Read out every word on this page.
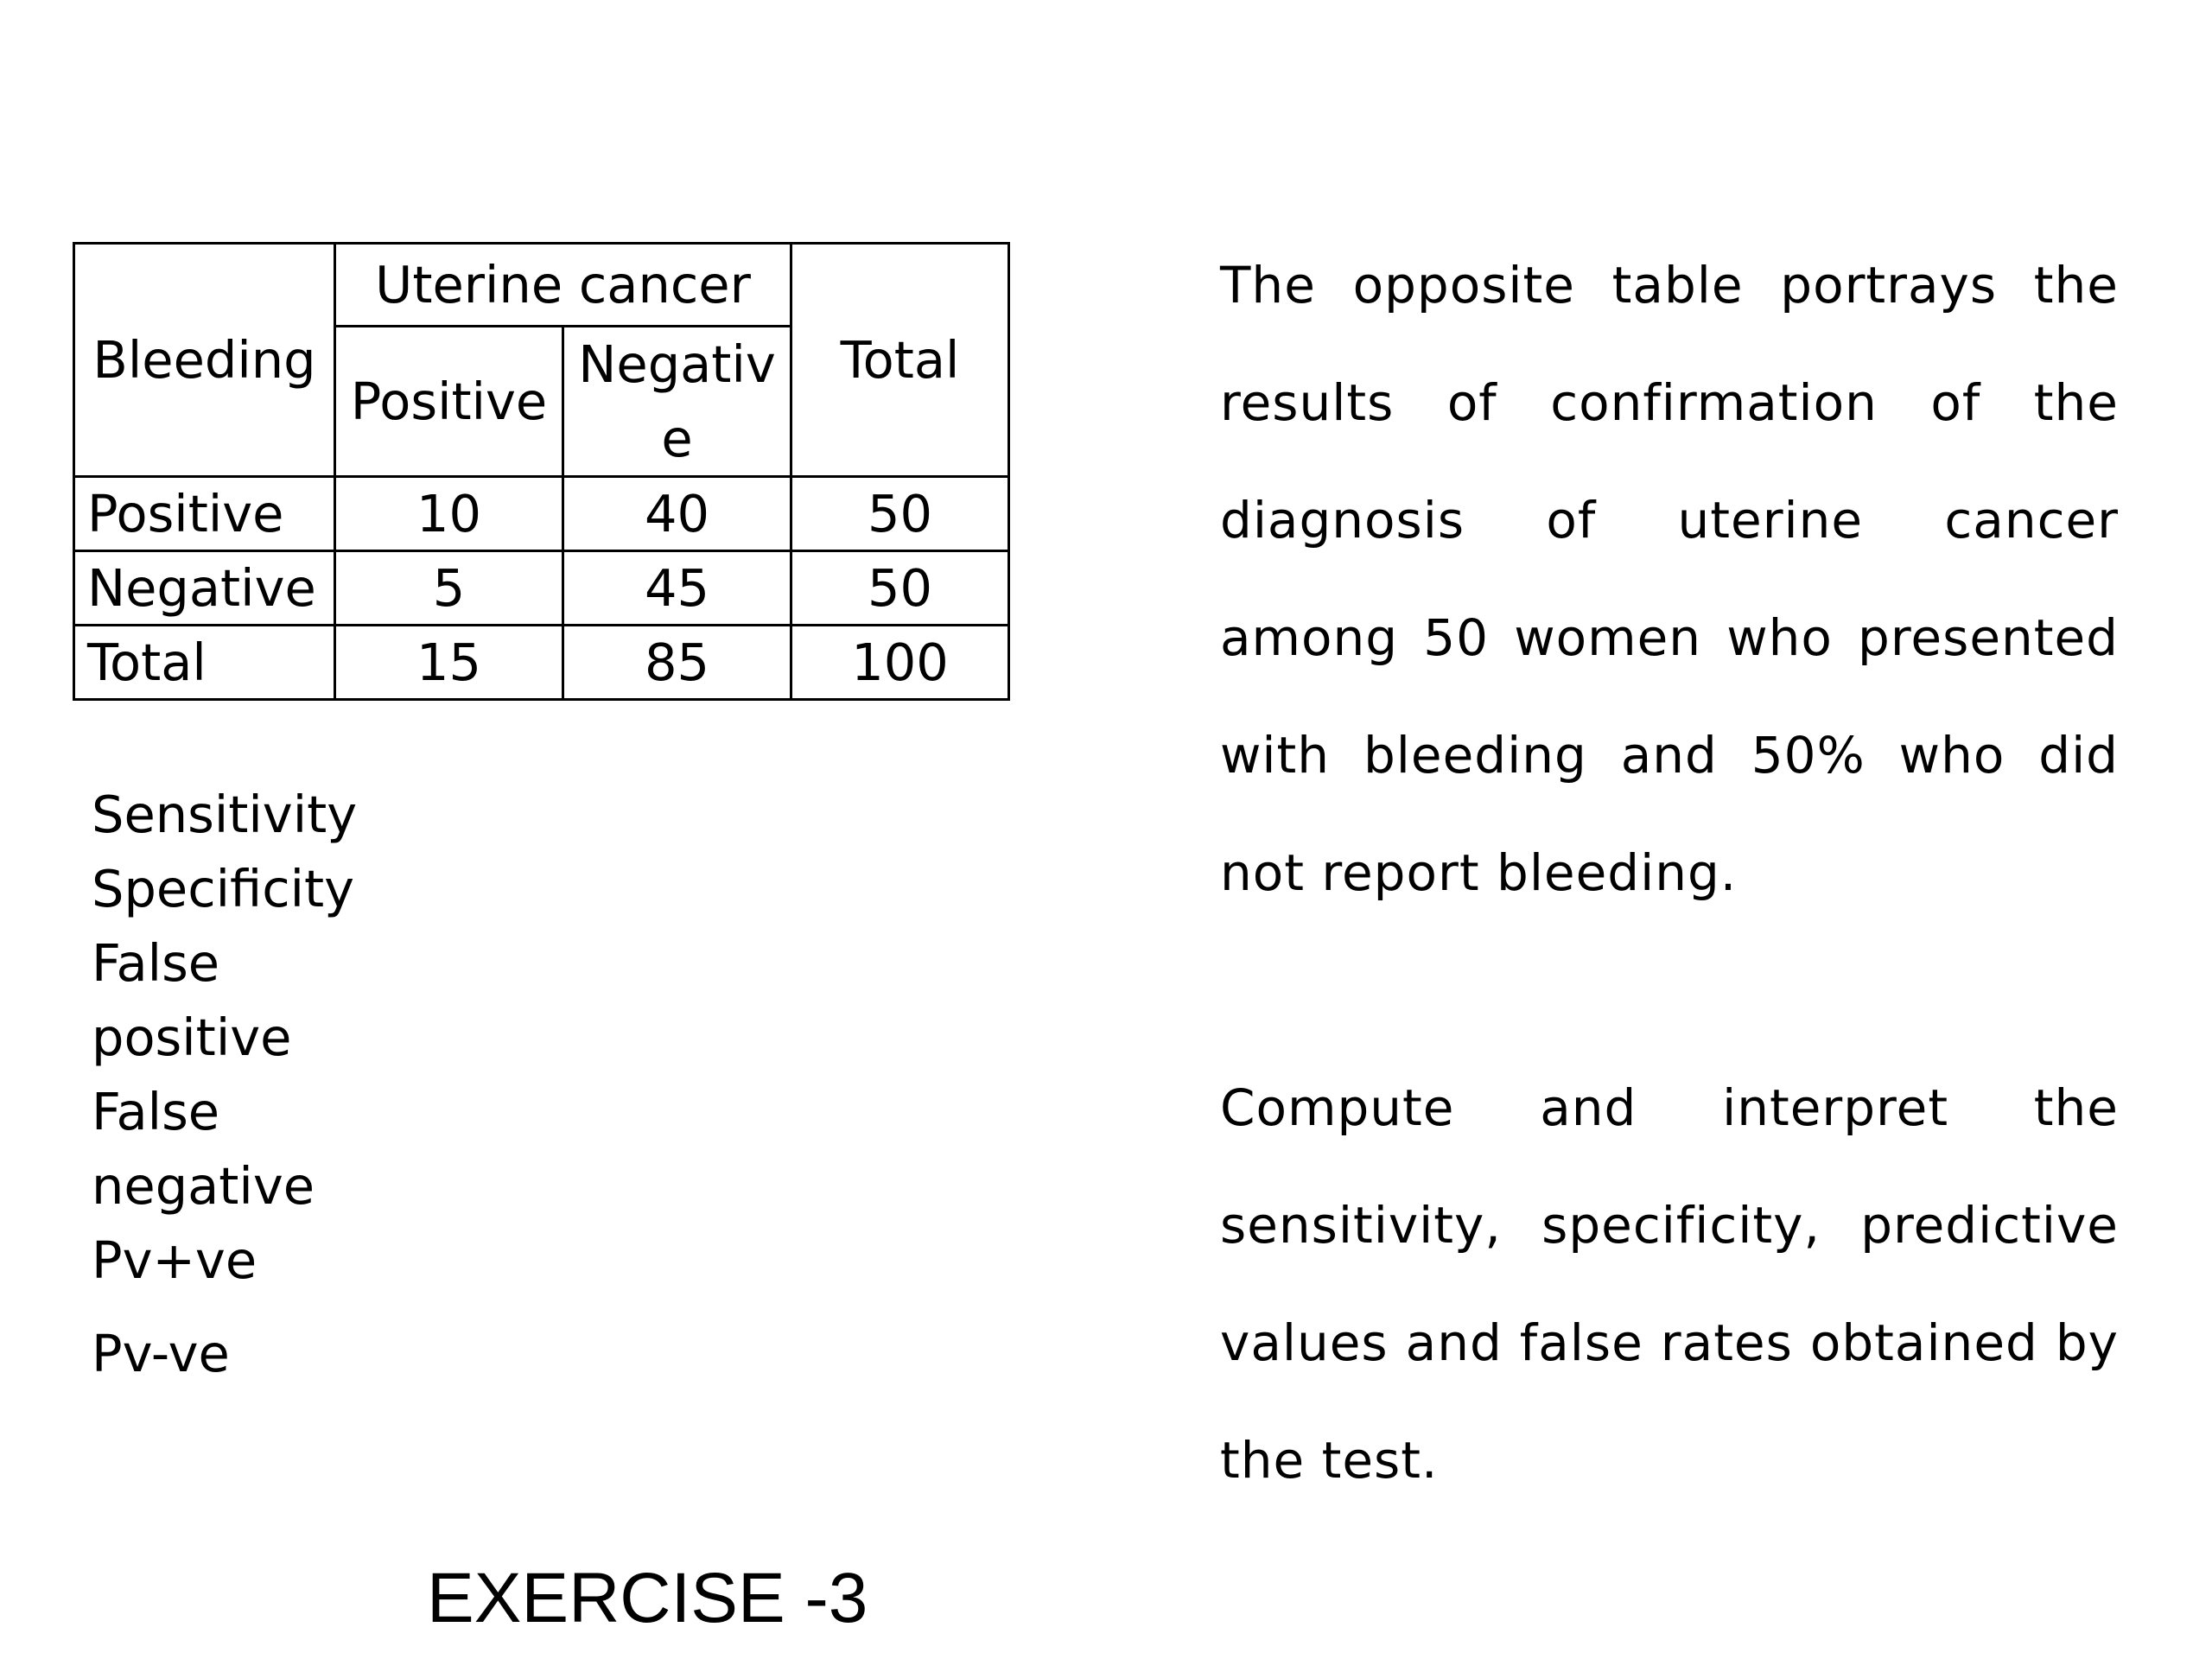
Bleeding	Uterine cancer		Total
	Positive	Negative	
Positive	10	40	50
Negative	5	45	50
Total	15	85	100
Sensitivity
Specificity
False positive
False negative
Pv+ve
Pv-ve
EXERCISE -3

The opposite table portrays the results of confirmation of the diagnosis of uterine cancer among 50 women who presented with bleeding and 50% who did not report bleeding.

Compute and interpret the sensitivity, specificity, predictive values and false rates obtained by the test.
